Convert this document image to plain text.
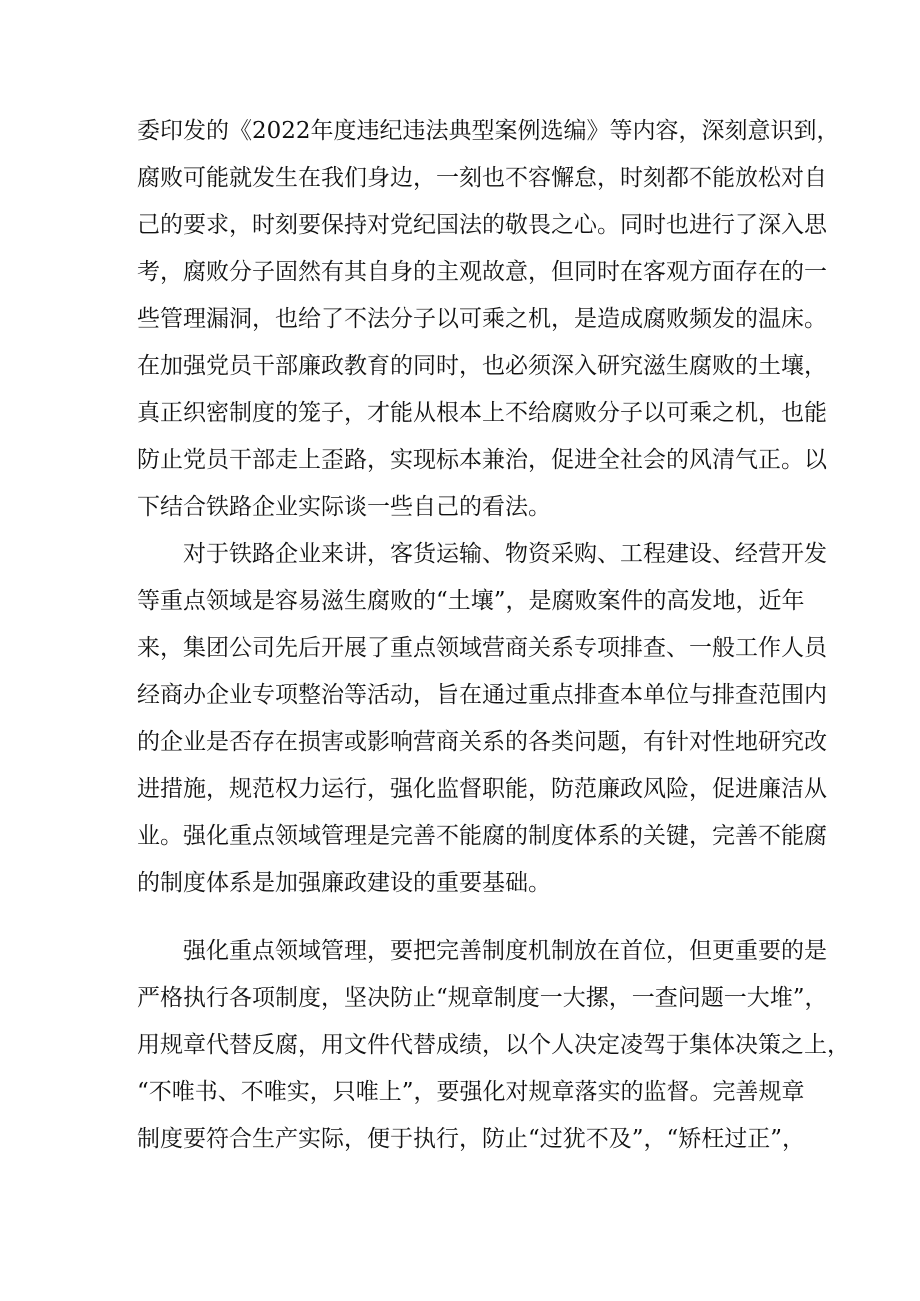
委印发的《2022年度违纪违法典型案例选编》等内容，深刻意识到，
腐败可能就发生在我们身边，一刻也不容懈怠，时刻都不能放松对自
己的要求，时刻要保持对党纪国法的敬畏之心。同时也进行了深入思
考，腐败分子固然有其自身的主观故意，但同时在客观方面存在的一
些管理漏洞，也给了不法分子以可乘之机，是造成腐败频发的温床。
在加强党员干部廉政教育的同时，也必须深入研究滋生腐败的土壤，
真正织密制度的笼子，才能从根本上不给腐败分子以可乘之机，也能
防止党员干部走上歪路，实现标本兼治，促进全社会的风清气正。以
下结合铁路企业实际谈一些自己的看法。
对于铁路企业来讲，客货运输、物资采购、工程建设、经营开发
等重点领域是容易滋生腐败的“土壤”，是腐败案件的高发地，近年
来，集团公司先后开展了重点领域营商关系专项排查、一般工作人员
经商办企业专项整治等活动，旨在通过重点排查本单位与排查范围内
的企业是否存在损害或影响营商关系的各类问题，有针对性地研究改
进措施，规范权力运行，强化监督职能，防范廉政风险，促进廉洁从
业。强化重点领域管理是完善不能腐的制度体系的关键，完善不能腐
的制度体系是加强廉政建设的重要基础。
强化重点领域管理，要把完善制度机制放在首位，但更重要的是
严格执行各项制度，坚决防止“规章制度一大摞，一查问题一大堆”，
用规章代替反腐，用文件代替成绩，以个人决定凌驾于集体决策之上，
“不唯书、不唯实，只唯上”，要强化对规章落实的监督。完善规章
制度要符合生产实际，便于执行，防止“过犹不及”，“矫枉过正”，
